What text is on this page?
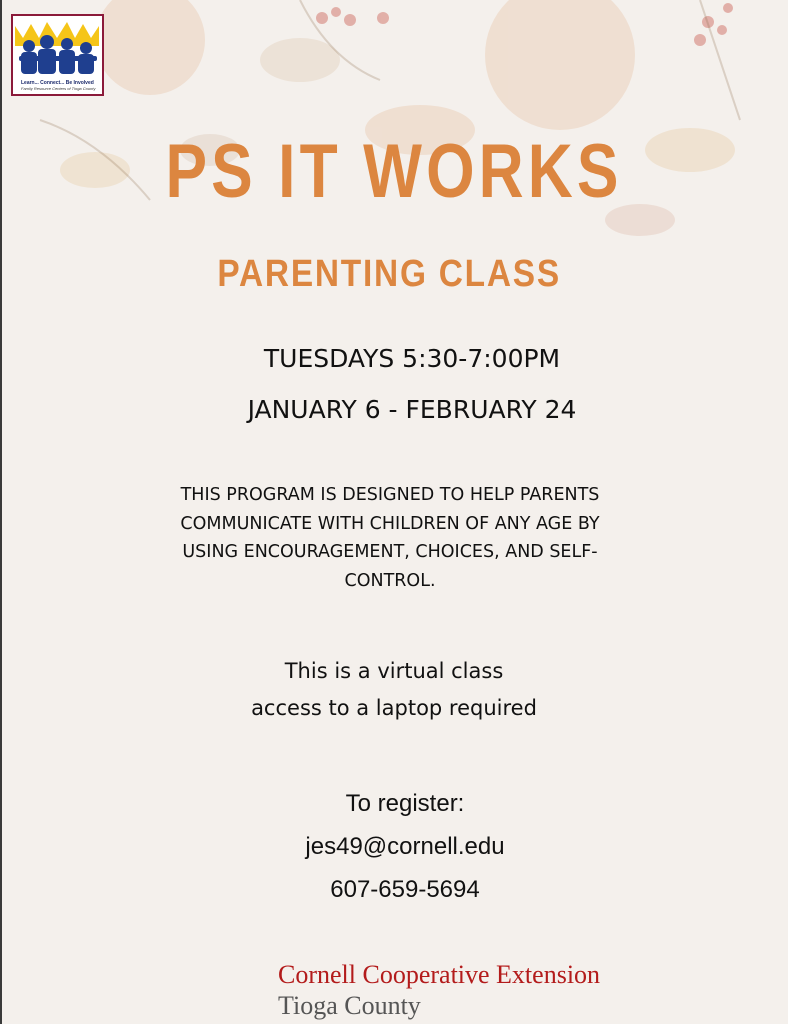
Learn... Connect... Be Involved
Family Resource Centers of Tioga County
PS IT WORKS
PARENTING CLASS
TUESDAYS 5:30-7:00PM
JANUARY 6 - FEBRUARY 24
THIS PROGRAM IS DESIGNED TO HELP PARENTS COMMUNICATE WITH CHILDREN OF ANY AGE BY USING ENCOURAGEMENT, CHOICES, AND SELF-CONTROL.
This is a virtual class
access to a laptop required
To register:
jes49@cornell.edu
607-659-5694
Cornell Cooperative Extension
Tioga County
